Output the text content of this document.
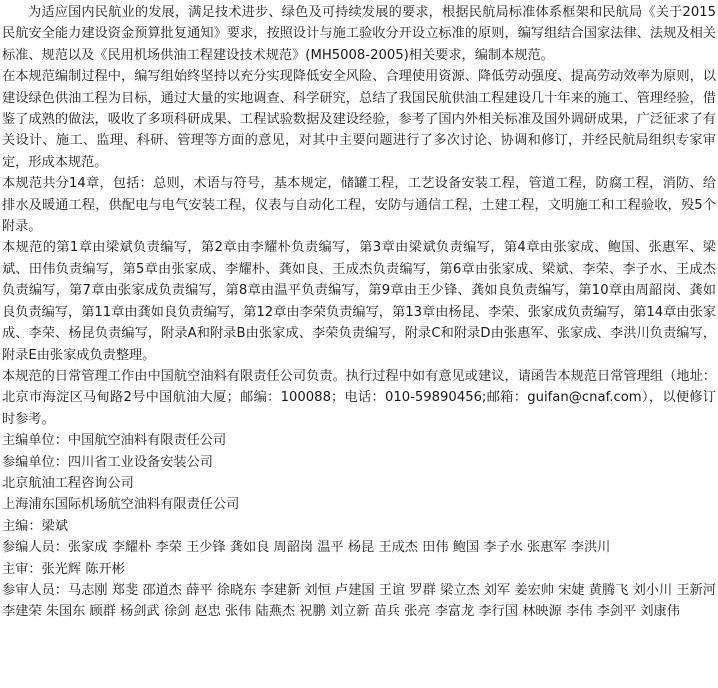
为适应国内民航业的发展，满足技术进步、绿色及可持续发展的要求，根据民航局标准体系框架和民航局《关于2015民航安全能力建设资金预算批复通知》要求，按照设计与施工验收分开设立标准的原则，编写组结合国家法律、法规及相关标准、规范以及《民用机场供油工程建设技术规范》(MH5008-2005)相关要求，编制本规范。

在本规范编制过程中，编写组始终坚持以充分实现降低安全风险、合理使用资源、降低劳动强度、提高劳动效率为原则，以建设绿色供油工程为目标，通过大量的实地调查、科学研究，总结了我国民航供油工程建设几十年来的施工、管理经验，借鉴了成熟的做法，吸收了多项科研成果、工程试验数据及建设经验，参考了国内外相关标准及国外调研成果，广泛征求了有关设计、施工、监理、科研、管理等方面的意见，对其中主要问题进行了多次讨论、协调和修订，并经民航局组织专家审定，形成本规范。

本规范共分14章，包括：总则，术语与符号，基本规定，储罐工程，工艺设备安装工程，管道工程，防腐工程，消防、给排水及暖通工程，供配电与电气安装工程，仪表与自动化工程，安防与通信工程，土建工程，文明施工和工程验收，殁5个附录。

本规范的第1章由梁斌负责编写，第2章由李耀朴负责编写，第3章由梁斌负责编写，第4章由张家成、鲍国、张惠军、梁斌、田伟负责编写，第5章由张家成、李耀朴、龚如良、王成杰负责编写，第6章由张家成、梁斌、李荣、李子水、王成杰负责编写，第7章由张家成负责编写，第8章由温平负责编写，第9章由王少锋、龚如良负责编写，第10章由周韶岗、龚如良负责编写，第11章由龚如良负责编写，第12章由李荣负责编写，第13章由杨昆、李荣、张家成负责编写，第14章由张家成、李荣、杨昆负责编写，附录A和附录B由张家成、李荣负责编写，附录C和附录D由张惠军、张家成、李洪川负责编写，附录E由张家成负责整理。

本规范的日常管理工作由中国航空油料有限责任公司负责。执行过程中如有意见或建议，请函告本规范日常管理组（地址：北京市海淀区马甸路2号中国航油大厦；邮编：100088；电话：010-59890456;邮箱：guifan@cnaf.com），以便修订时参考。

主编单位：中国航空油料有限责任公司

参编单位：四川省工业设备安装公司

北京航油工程咨询公司

上海浦东国际机场航空油料有限责任公司

主编：梁斌

参编人员：张家成 李耀朴 李荣 王少锋 龚如良 周韶岗 温平 杨昆 王成杰 田伟 鲍国 李子水 张惠军 李洪川

主审：张光辉 陈开彬

参审人员：马志刚 郑斐 邵道杰 薛平 徐晓东 李建新 刘恒 卢建国 王谊 罗群 梁立杰 刘军 姜宏帅 宋婕 黄腾飞 刘小川 王新河 李建荣 朱国东 顾群 杨剑武 徐剑 赵忠 张伟 陆燕杰 祝鹏 刘立新 苗兵 张亮 李富龙 李行国 林映源 李伟 李剑平 刘康伟
